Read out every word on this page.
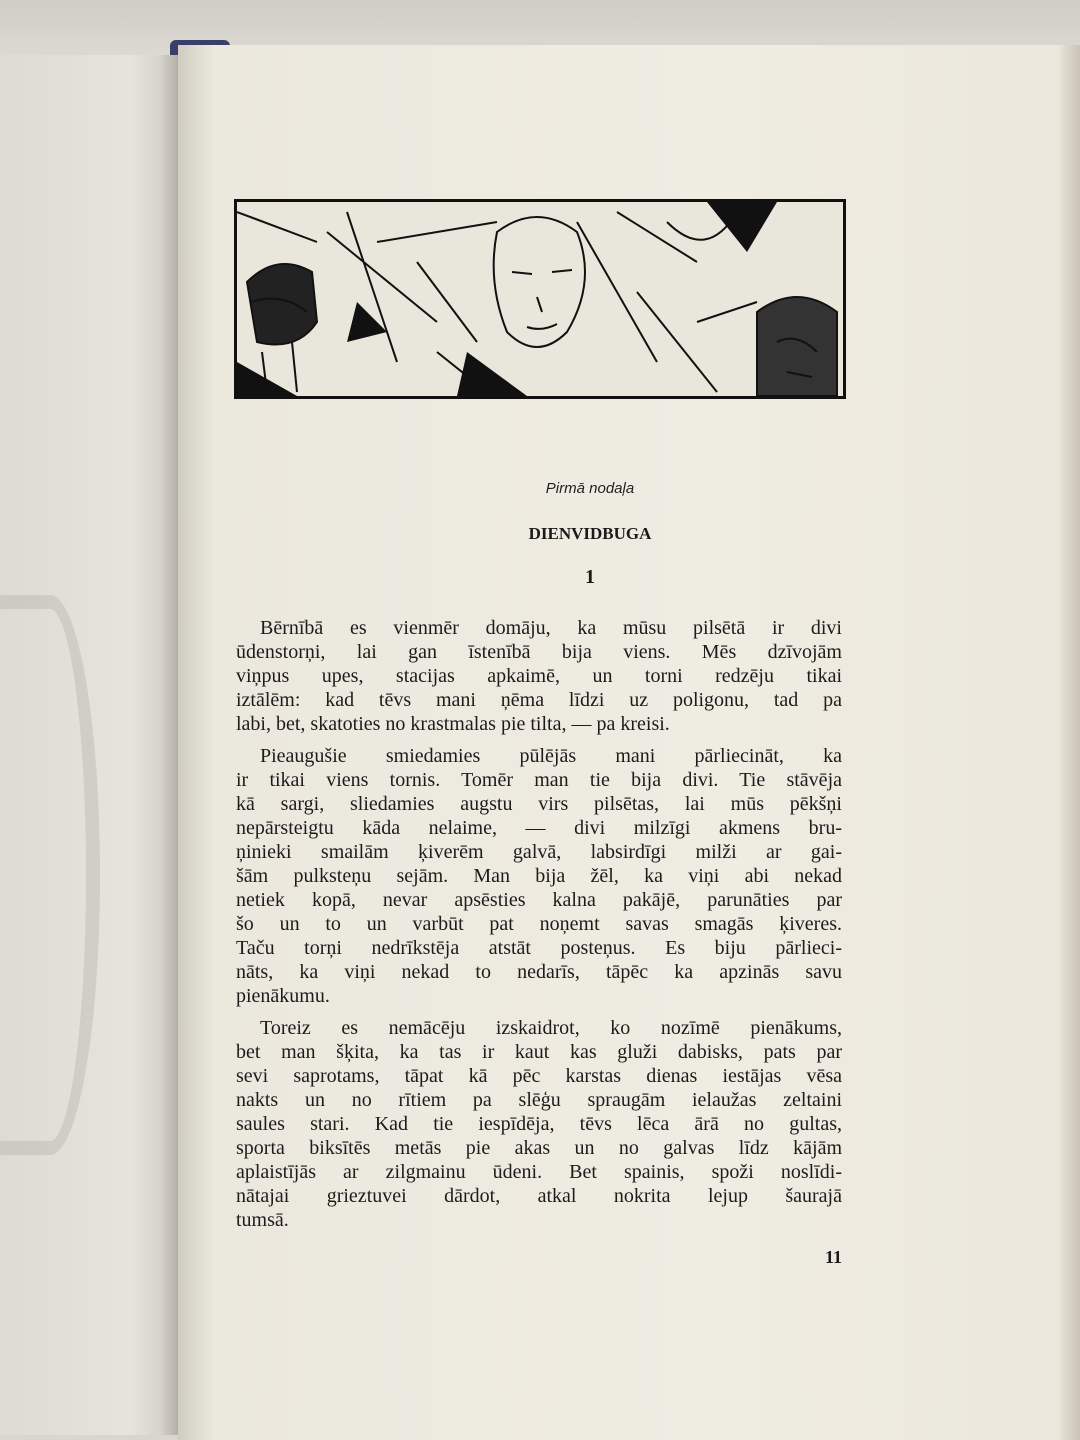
Pirmā nodaļa
DIENVIDBUGA
1
Bērnībā es vienmēr domāju, ka mūsu pilsētā ir divi
ūdenstorņi, lai gan īstenībā bija viens. Mēs dzīvojām
viņpus upes, stacijas apkaimē, un torni redzēju tikai
iztālēm: kad tēvs mani ņēma līdzi uz poligonu, tad pa
labi, bet, skatoties no krastmalas pie tilta, — pa kreisi.
Pieaugušie smiedamies pūlējās mani pārliecināt, ka
ir tikai viens tornis. Tomēr man tie bija divi. Tie stāvēja
kā sargi, sliedamies augstu virs pilsētas, lai mūs pēkšņi
nepārsteigtu kāda nelaime, — divi milzīgi akmens bru-
ņinieki smailām ķiverēm galvā, labsirdīgi milži ar gai-
šām pulksteņu sejām. Man bija žēl, ka viņi abi nekad
netiek kopā, nevar apsēsties kalna pakājē, parunāties par
šo un to un varbūt pat noņemt savas smagās ķiveres.
Taču torņi nedrīkstēja atstāt posteņus. Es biju pārlieci-
nāts, ka viņi nekad to nedarīs, tāpēc ka apzinās savu
pienākumu.
Toreiz es nemācēju izskaidrot, ko nozīmē pienākums,
bet man šķita, ka tas ir kaut kas gluži dabisks, pats par
sevi saprotams, tāpat kā pēc karstas dienas iestājas vēsa
nakts un no rītiem pa slēģu spraugām ielaužas zeltaini
saules stari. Kad tie iespīdēja, tēvs lēca ārā no gultas,
sporta biksītēs metās pie akas un no galvas līdz kājām
aplaistījās ar zilgmainu ūdeni. Bet spainis, spoži noslīdi-
nātajai grieztuvei dārdot, atkal nokrita lejup šaurajā
tumsā.
11
